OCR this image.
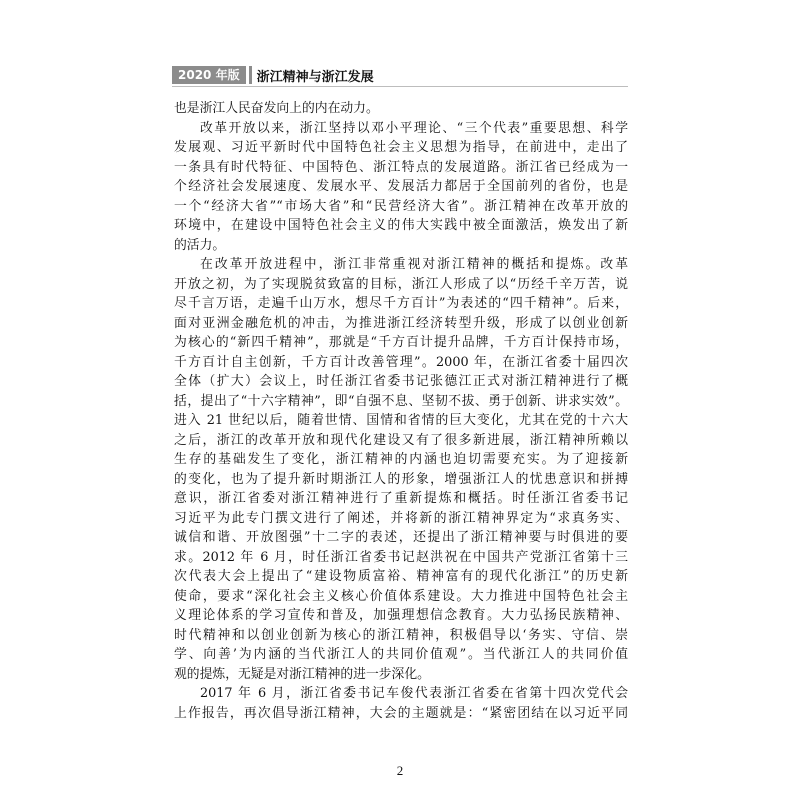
2020 年版	浙江精神与浙江发展
也是浙江人民奋发向上的内在动力。
改革开放以来，浙江坚持以邓小平理论、“三个代表”重要思想、科学
发展观、习近平新时代中国特色社会主义思想为指导，在前进中，走出了
一条具有时代特征、中国特色、浙江特点的发展道路。浙江省已经成为一
个经济社会发展速度、发展水平、发展活力都居于全国前列的省份，也是
一个“经济大省”“市场大省”和“民营经济大省”。浙江精神在改革开放的
环境中，在建设中国特色社会主义的伟大实践中被全面激活，焕发出了新
的活力。
在改革开放进程中，浙江非常重视对浙江精神的概括和提炼。改革
开放之初，为了实现脱贫致富的目标，浙江人形成了以“历经千辛万苦，说
尽千言万语，走遍千山万水，想尽千方百计”为表述的“四千精神”。后来，
面对亚洲金融危机的冲击，为推进浙江经济转型升级，形成了以创业创新
为核心的“新四千精神”，那就是“千方百计提升品牌，千方百计保持市场，
千方百计自主创新，千方百计改善管理”。2000 年，在浙江省委十届四次
全体（扩大）会议上，时任浙江省委书记张德江正式对浙江精神进行了概
括，提出了“十六字精神”，即“自强不息、坚韧不拔、勇于创新、讲求实效”。
进入 21 世纪以后，随着世情、国情和省情的巨大变化，尤其在党的十六大
之后，浙江的改革开放和现代化建设又有了很多新进展，浙江精神所赖以
生存的基础发生了变化，浙江精神的内涵也迫切需要充实。为了迎接新
的变化，也为了提升新时期浙江人的形象，增强浙江人的忧患意识和拼搏
意识，浙江省委对浙江精神进行了重新提炼和概括。时任浙江省委书记
习近平为此专门撰文进行了阐述，并将新的浙江精神界定为“求真务实、
诚信和谐、开放图强”十二字的表述，还提出了浙江精神要与时俱进的要
求。2012 年 6 月，时任浙江省委书记赵洪祝在中国共产党浙江省第十三
次代表大会上提出了“建设物质富裕、精神富有的现代化浙江”的历史新
使命，要求“深化社会主义核心价值体系建设。大力推进中国特色社会主
义理论体系的学习宣传和普及，加强理想信念教育。大力弘扬民族精神、
时代精神和以创业创新为核心的浙江精神，积极倡导以‘务实、守信、崇
学、向善’为内涵的当代浙江人的共同价值观”。当代浙江人的共同价值
观的提炼，无疑是对浙江精神的进一步深化。
2017 年 6 月，浙江省委书记车俊代表浙江省委在省第十四次党代会
上作报告，再次倡导浙江精神，大会的主题就是：“紧密团结在以习近平同
2
